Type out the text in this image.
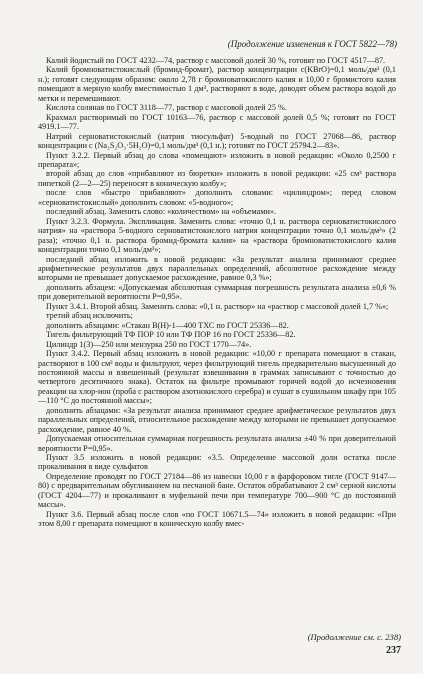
(Продолжение изменения к ГОСТ 5822—78)

Калий йодистый по ГОСТ 4232—74, раствор с массовой долей 30 %, готовят по ГОСТ 4517—87.

Калий бромноватистокислый (бромид-бромат), раствор концентрации c(KBrO)=0,1 моль/дм³ (0,1 н.); готовят следующим образом: около 2,78 г бромноватокислого калия и 10,00 г бромистого калия помещают в мерную колбу вместимостью 1 дм³, растворяют в воде, доводят объем раствора водой до метки и перемешивают.

Кислота соляная по ГОСТ 3118—77, раствор с массовой долей 25 %.

Крахмал растворимый по ГОСТ 10163—76, раствор с массовой долей 0,5 %; готовят по ГОСТ 4919.1—77.

Натрий серноватистокислый (натрия тиосульфат) 5-водный по ГОСТ 27068—86, раствор концентрации c (Na₂S₂O₃·5H₂O)=0,1 моль/дм³ (0,1 н.); готовят по ГОСТ 25794.2—83».

Пункт 3.2.2. Первый абзац до слова «помещают» изложить в новой редакции: «Около 0,2500 г препарата»;

второй абзац до слов «прибавляют из бюретки» изложить в новой редакции: «25 см³ раствора пипеткой (2—2—25) переносят в коническую колбу»;

после слов «быстро прибавляют» дополнить словами: «цилиндром»; перед словом «серноватистокислый» дополнить словом: «5-водного»;

последний абзац. Заменить слово: «количеством» на «объемами».

Пункт 3.2.3. Формула. Экспликация. Заменить слова: «точно 0,1 н. раствора серноватистокислого натрия» на «раствора 5-водного серноватистокислого натрия концентрации точно 0,1 моль/дм³» (2 раза); «точно 0,1 н. раствора бромид-бромата калия» на «раствора бромноватистокислого калия концентрации точно 0,1 моль/дм³»;

последний абзац изложить в новой редакции: «За результат анализа принимают среднее арифметическое результатов двух параллельных определений, абсолютное расхождение между которыми не превышает допускаемое расхождение, равное 0,3 %»;

дополнить абзацем: «Допускаемая абсолютная суммарная погрешность результата анализа ±0,6 % при доверительной вероятности P=0,95».

Пункт 3.4.1. Второй абзац. Заменить слова: «0,1 н. раствор» на «раствор с массовой долей 1,7 %»;

третий абзац исключить;

дополнить абзацами: «Стакан В(Н)-1—400 ТХС по ГОСТ 25336—82.

Тигель фильтрующий ТФ ПОР 10 или ТФ ПОР 16 по ГОСТ 25336—82.

Цилиндр 1(3)—250 или мензурка 250 по ГОСТ 1770—74».

Пункт 3.4.2. Первый абзац изложить в новой редакции: «10,00 г препарата помещают в стакан, растворяют в 100 см³ воды и фильтруют, через фильтрующий тигель предварительно высушенный до постоянной массы и взвешенный (результат взвешивания в граммах записывают с точностью до четвертого десятичного знака). Остаток на фильтре промывают горячей водой до исчезновения реакции на хлор-ион (проба с раствором азотнокислого серебра) и сушат в сушильном шкафу при 105—110 °С до постоянной массы»;

дополнить абзацами: «За результат анализа принимают среднее арифметическое результатов двух параллельных определений, относительное расхождение между которыми не превышает допускаемое расхождение, равное 40 %.

Допускаемая относительная суммарная погрешность результата анализа ±40 % при доверительной вероятности P=0,95».

Пункт 3.5 изложить в новой редакции: «3.5. Определение массовой доли остатка после прокаливания в виде сульфатов

Определение проводят по ГОСТ 27184—86 из навески 10,00 г в фарфоровом тигле (ГОСТ 9147—80) с предварительным обугливанием на песчаной бане. Остаток обрабатывают 2 см³ серной кислоты (ГОСТ 4204—77) и прокаливают в муфельной печи при температуре 700—900 °С до постоянной массы».

Пункт 3.6. Первый абзац после слов «по ГОСТ 10671.5—74» изложить в новой редакции: «При этом 8,00 г препарата помещают в коническую колбу вмес-

(Продолжение см. с. 238)
237
